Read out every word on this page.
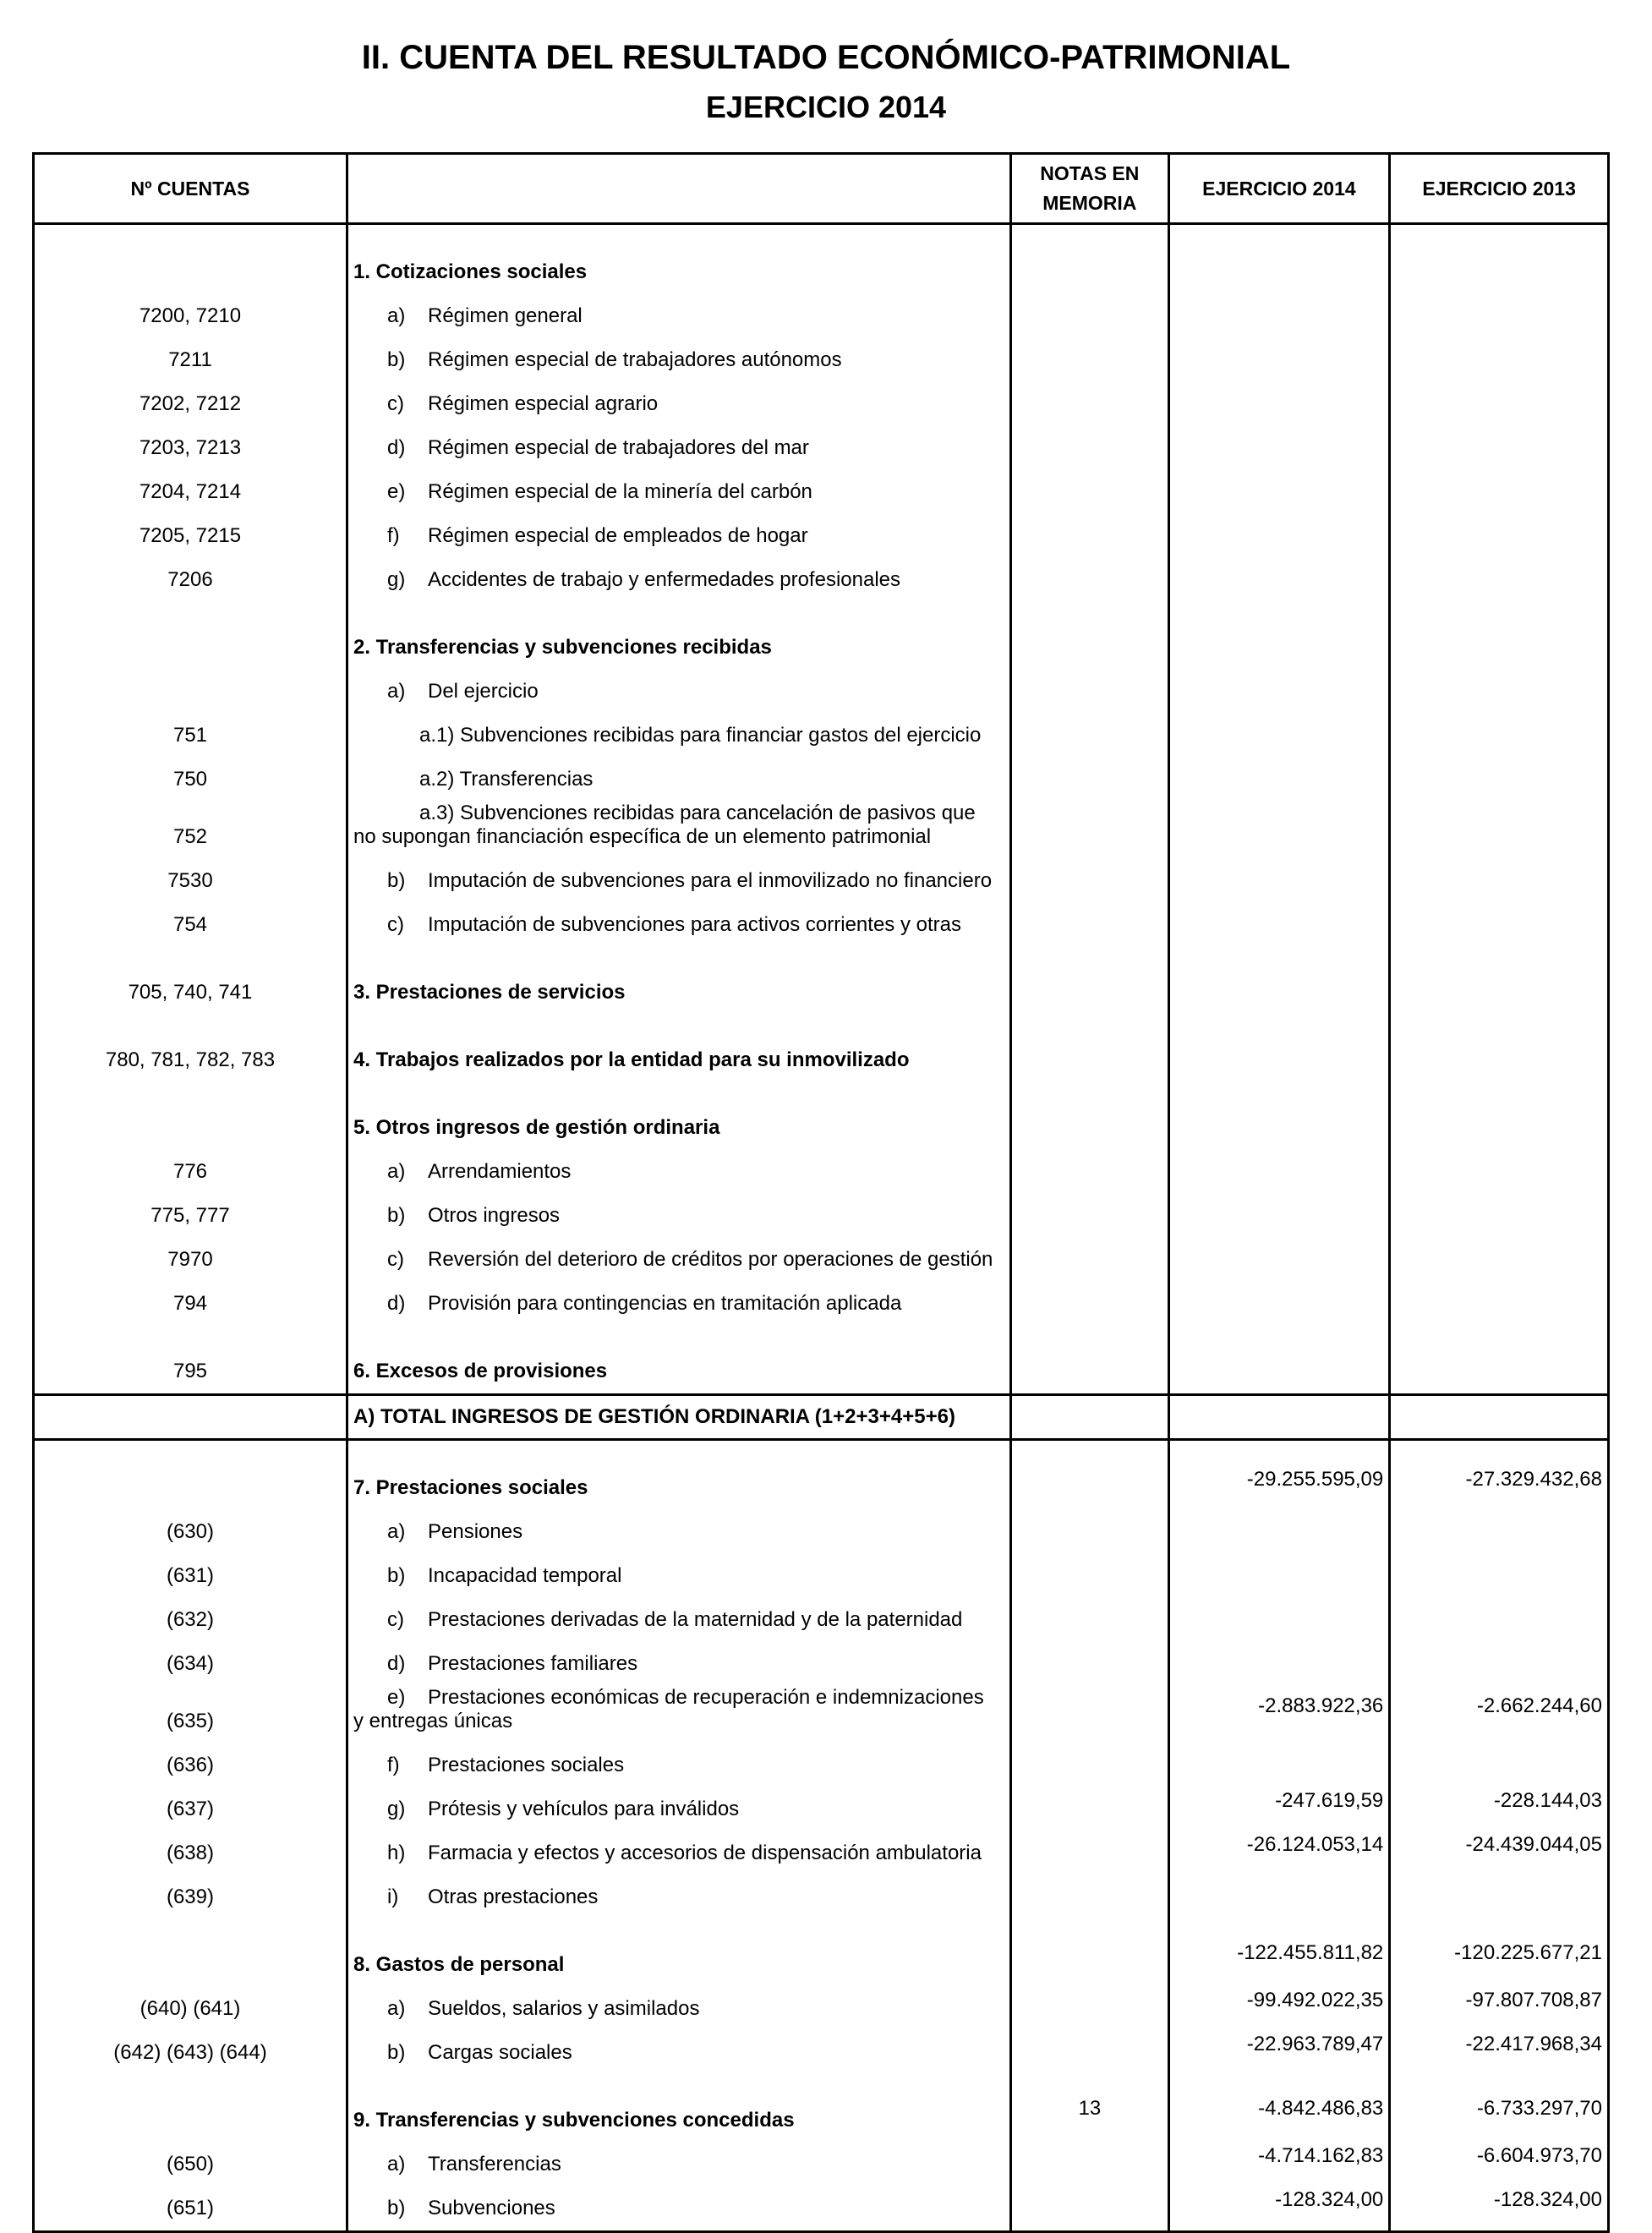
II. CUENTA DEL RESULTADO ECONÓMICO-PATRIMONIAL
EJERCICIO 2014
Nº CUENTAS		NOTAS EN MEMORIA	EJERCICIO 2014	EJERCICIO 2013
	1. Cotizaciones sociales			
7200, 7210	a) Régimen general			
7211	b) Régimen especial de trabajadores autónomos			
7202, 7212	c) Régimen especial agrario			
7203, 7213	d) Régimen especial de trabajadores del mar			
7204, 7214	e) Régimen especial de la minería del carbón			
7205, 7215	f) Régimen especial de empleados de hogar			
7206	g) Accidentes de trabajo y enfermedades profesionales			
	2. Transferencias y subvenciones recibidas			
	a) Del ejercicio			
751	a.1) Subvenciones recibidas para financiar gastos del ejercicio			
750	a.2) Transferencias			
752	a.3) Subvenciones recibidas para cancelación de pasivos que
no supongan financiación específica de un elemento patrimonial			
7530	b) Imputación de subvenciones para el inmovilizado no financiero			
754	c) Imputación de subvenciones para activos corrientes y otras			
705, 740, 741	3. Prestaciones de servicios			
780, 781, 782, 783	4. Trabajos realizados por la entidad para su inmovilizado			
	5. Otros ingresos de gestión ordinaria			
776	a) Arrendamientos			
775, 777	b) Otros ingresos			
7970	c) Reversión del deterioro de créditos por operaciones de gestión			
794	d) Provisión para contingencias en tramitación aplicada			
795	6. Excesos de provisiones			
	A) TOTAL INGRESOS DE GESTIÓN ORDINARIA (1+2+3+4+5+6)			
	7. Prestaciones sociales		-29.255.595,09	-27.329.432,68
(630)	a) Pensiones			
(631)	b) Incapacidad temporal			
(632)	c) Prestaciones derivadas de la maternidad y de la paternidad			
(634)	d) Prestaciones familiares			
(635)	e) Prestaciones económicas de recuperación e indemnizaciones
y entregas únicas		-2.883.922,36	-2.662.244,60
(636)	f) Prestaciones sociales			
(637)	g) Prótesis y vehículos para inválidos		-247.619,59	-228.144,03
(638)	h) Farmacia y efectos y accesorios de dispensación ambulatoria		-26.124.053,14	-24.439.044,05
(639)	i) Otras prestaciones			
	8. Gastos de personal		-122.455.811,82	-120.225.677,21
(640) (641)	a) Sueldos, salarios y asimilados		-99.492.022,35	-97.807.708,87
(642) (643) (644)	b) Cargas sociales		-22.963.789,47	-22.417.968,34
	9. Transferencias y subvenciones concedidas	13	-4.842.486,83	-6.733.297,70
(650)	a) Transferencias		-4.714.162,83	-6.604.973,70
(651)	b) Subvenciones		-128.324,00	-128.324,00
